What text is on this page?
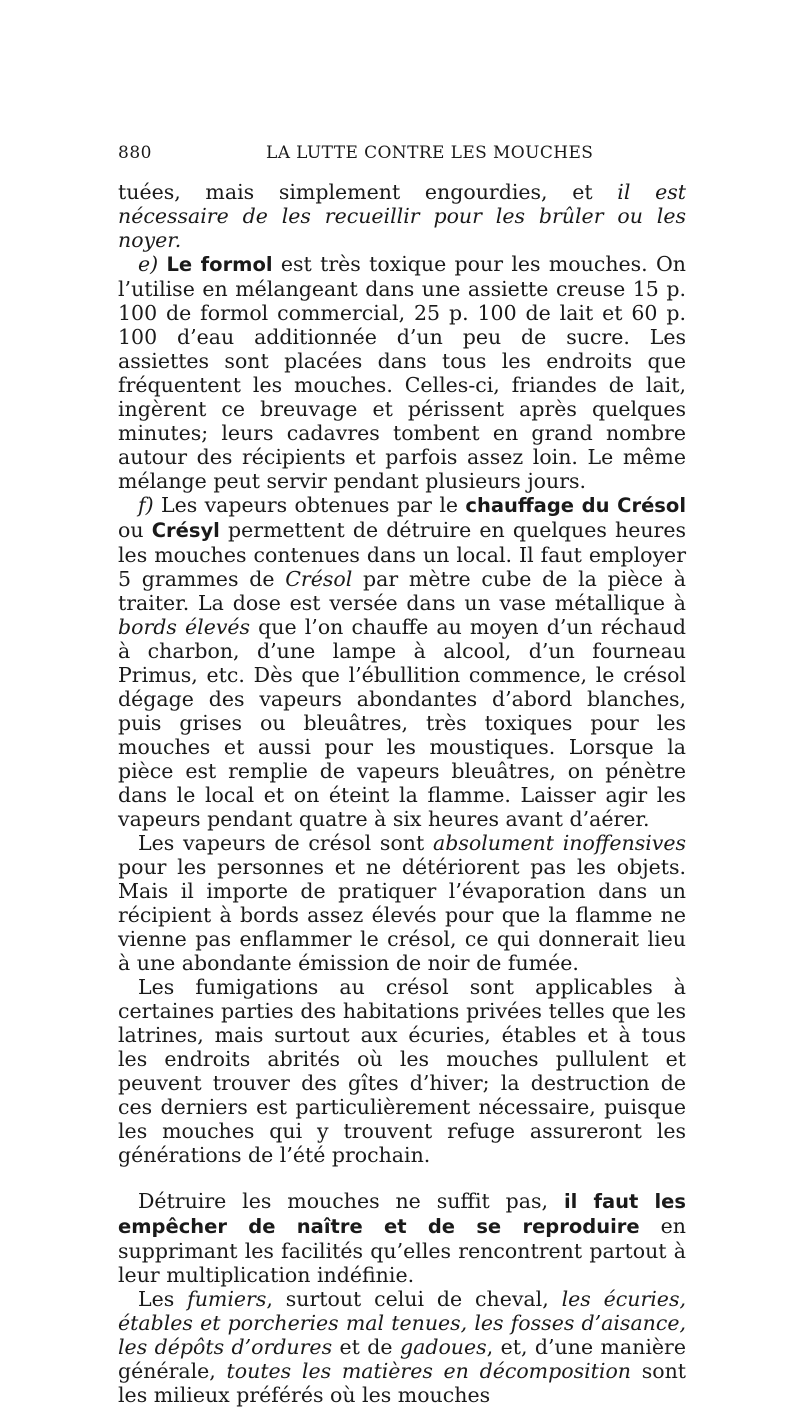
880	LA LUTTE CONTRE LES MOUCHES

tuées, mais simplement engourdies, et il est nécessaire de les recueillir pour les brûler ou les noyer.

e) Le formol est très toxique pour les mouches. On l’utilise en mélangeant dans une assiette creuse 15 p. 100 de formol commercial, 25 p. 100 de lait et 60 p. 100 d’eau additionnée d’un peu de sucre. Les assiettes sont placées dans tous les endroits que fréquentent les mouches. Celles-ci, friandes de lait, ingèrent ce breuvage et périssent après quelques minutes; leurs cadavres tombent en grand nombre autour des récipients et parfois assez loin. Le même mélange peut servir pendant plusieurs jours.

f) Les vapeurs obtenues par le chauffage du Crésol ou Crésyl permettent de détruire en quelques heures les mouches contenues dans un local. Il faut employer 5 grammes de Crésol par mètre cube de la pièce à traiter. La dose est versée dans un vase métallique à bords élevés que l’on chauffe au moyen d’un réchaud à charbon, d’une lampe à alcool, d’un fourneau Primus, etc. Dès que l’ébullition commence, le crésol dégage des vapeurs abondantes d’abord blanches, puis grises ou bleuâtres, très toxiques pour les mouches et aussi pour les moustiques. Lorsque la pièce est remplie de vapeurs bleuâtres, on pénètre dans le local et on éteint la flamme. Laisser agir les vapeurs pendant quatre à six heures avant d’aérer.

Les vapeurs de crésol sont absolument inoffensives pour les personnes et ne détériorent pas les objets. Mais il importe de pratiquer l’évaporation dans un récipient à bords assez élevés pour que la flamme ne vienne pas enflammer le crésol, ce qui donnerait lieu à une abondante émission de noir de fumée.

Les fumigations au crésol sont applicables à certaines parties des habitations privées telles que les latrines, mais surtout aux écuries, étables et à tous les endroits abrités où les mouches pullulent et peuvent trouver des gîtes d’hiver; la destruction de ces derniers est particulièrement nécessaire, puisque les mouches qui y trouvent refuge assureront les générations de l’été prochain.

Détruire les mouches ne suffit pas, il faut les empêcher de naître et de se reproduire en supprimant les facilités qu’elles rencontrent partout à leur multiplication indéfinie.

Les fumiers, surtout celui de cheval, les écuries, étables et porcheries mal tenues, les fosses d’aisance, les dépôts d’ordures et de gadoues, et, d’une manière générale, toutes les matières en décomposition sont les milieux préférés où les mouches
